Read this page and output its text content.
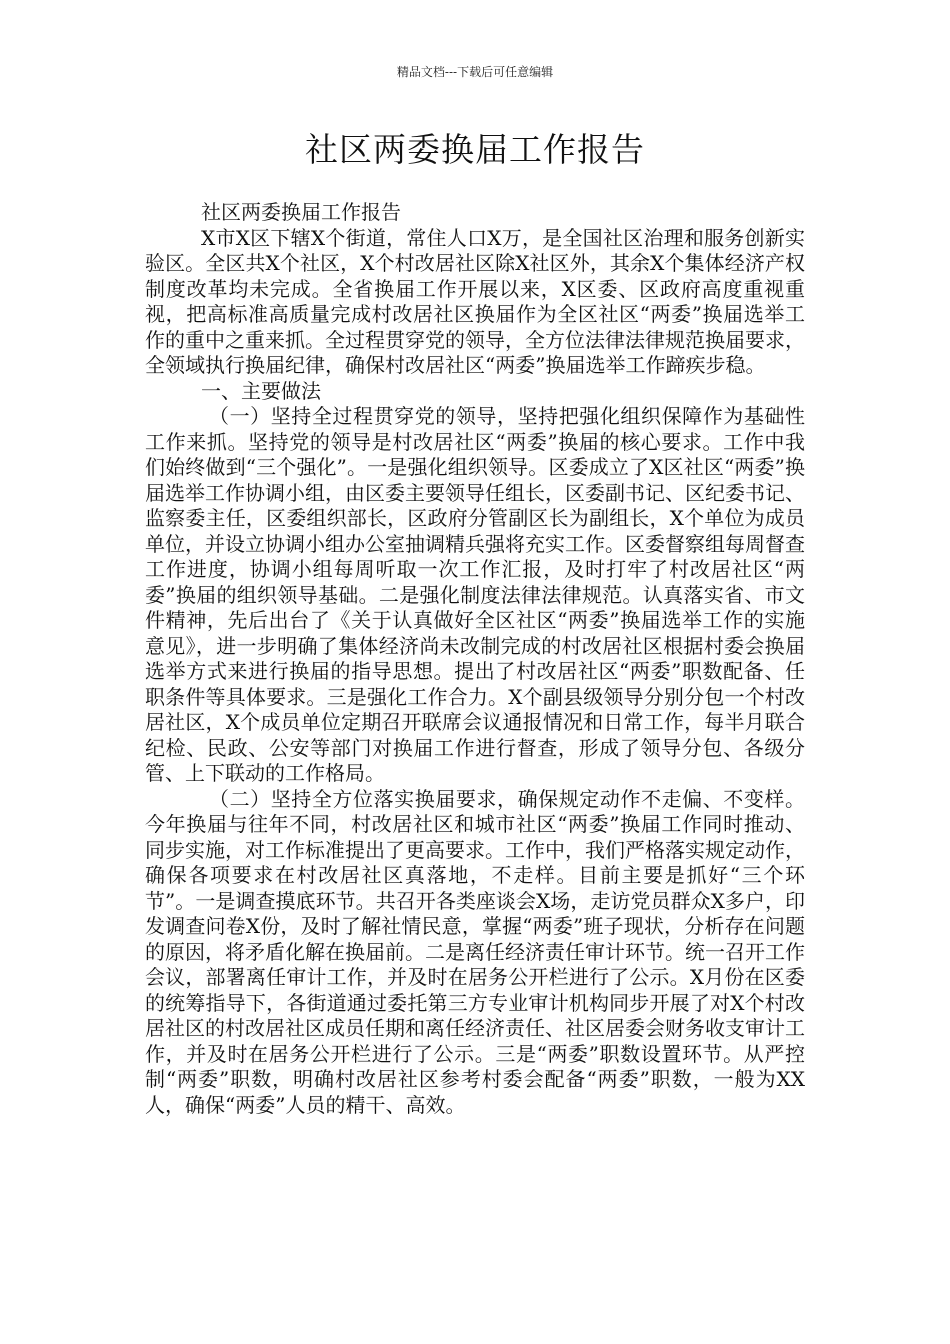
精品文档---下载后可任意编辑
社区两委换届工作报告

社区两委换届工作报告

X市X区下辖X个街道，常住人口X万，是全国社区治理和服务创新实验区。全区共X个社区，X个村改居社区除X社区外，其余X个集体经济产权制度改革均未完成。全省换届工作开展以来，X区委、区政府高度重视重视，把高标准高质量完成村改居社区换届作为全区社区“两委”换届选举工作的重中之重来抓。全过程贯穿党的领导，全方位法律法律规范换届要求，全领域执行换届纪律，确保村改居社区“两委”换届选举工作蹄疾步稳。

一、主要做法

（一）坚持全过程贯穿党的领导，坚持把强化组织保障作为基础性工作来抓。坚持党的领导是村改居社区“两委”换届的核心要求。工作中我们始终做到“三个强化”。一是强化组织领导。区委成立了X区社区“两委”换届选举工作协调小组，由区委主要领导任组长，区委副书记、区纪委书记、监察委主任，区委组织部长，区政府分管副区长为副组长，X个单位为成员单位，并设立协调小组办公室抽调精兵强将充实工作。区委督察组每周督查工作进度，协调小组每周听取一次工作汇报，及时打牢了村改居社区“两委”换届的组织领导基础。二是强化制度法律法律规范。认真落实省、市文件精神，先后出台了《关于认真做好全区社区“两委”换届选举工作的实施意见》，进一步明确了集体经济尚未改制完成的村改居社区根据村委会换届选举方式来进行换届的指导思想。提出了村改居社区“两委”职数配备、任职条件等具体要求。三是强化工作合力。X个副县级领导分别分包一个村改居社区，X个成员单位定期召开联席会议通报情况和日常工作，每半月联合纪检、民政、公安等部门对换届工作进行督查，形成了领导分包、各级分管、上下联动的工作格局。

（二）坚持全方位落实换届要求，确保规定动作不走偏、不变样。今年换届与往年不同，村改居社区和城市社区“两委”换届工作同时推动、同步实施，对工作标准提出了更高要求。工作中，我们严格落实规定动作，确保各项要求在村改居社区真落地，不走样。目前主要是抓好“三个环节”。一是调查摸底环节。共召开各类座谈会X场，走访党员群众X多户，印发调查问卷X份，及时了解社情民意，掌握“两委”班子现状，分析存在问题的原因，将矛盾化解在换届前。二是离任经济责任审计环节。统一召开工作会议，部署离任审计工作，并及时在居务公开栏进行了公示。X月份在区委的统筹指导下，各街道通过委托第三方专业审计机构同步开展了对X个村改居社区的村改居社区成员任期和离任经济责任、社区居委会财务收支审计工作，并及时在居务公开栏进行了公示。三是“两委”职数设置环节。从严控制“两委”职数，明确村改居社区参考村委会配备“两委”职数，一般为XX人，确保“两委”人员的精干、高效。
